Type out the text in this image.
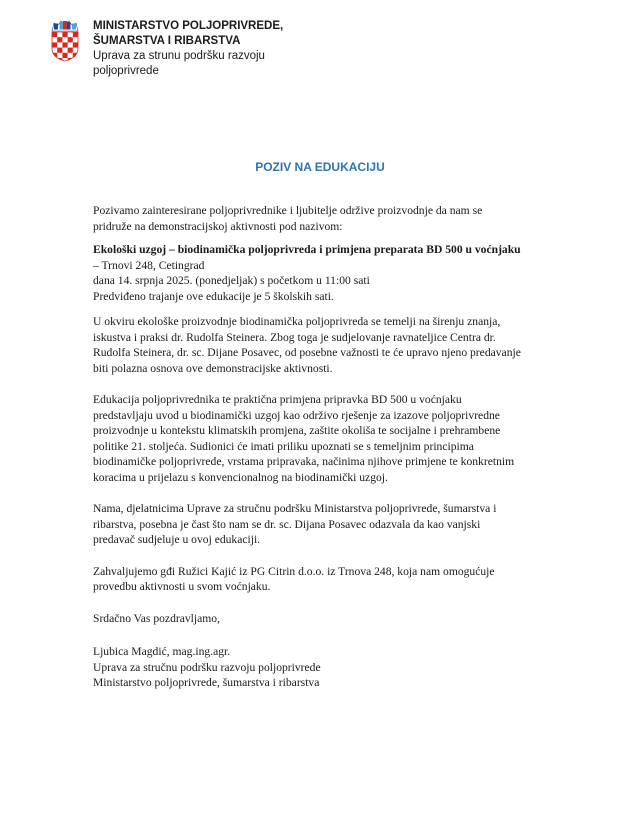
MINISTARSTVO POLJOPRIVREDE,
ŠUMARSTVA I RIBARSTVA
Uprava za strunu podršku razvoju
poljoprivrede
POZIV NA EDUKACIJU

Pozivamo zainteresirane poljoprivrednike i ljubitelje održive proizvodnje da nam se
pridruže na demonstracijskoj aktivnosti pod nazivom:

Ekološki uzgoj – biodinamička poljoprivreda i primjena preparata BD 500 u voćnjaku
– Trnovi 248, Cetingrad
dana 14. srpnja 2025. (ponedjeljak) s početkom u 11:00 sati
Predviđeno trajanje ove edukacije je 5 školskih sati.

U okviru ekološke proizvodnje biodinamička poljoprivreda se temelji na širenju znanja,
iskustva i praksi dr. Rudolfa Steinera. Zbog toga je sudjelovanje ravnateljice Centra dr.
Rudolfa Steinera, dr. sc. Dijane Posavec, od posebne važnosti te će upravo njeno predavanje
biti polazna osnova ove demonstracijske aktivnosti.

Edukacija poljoprivrednika te praktična primjena pripravka BD 500 u voćnjaku
predstavljaju uvod u biodinamički uzgoj kao održivo rješenje za izazove poljoprivredne
proizvodnje u kontekstu klimatskih promjena, zaštite okoliša te socijalne i prehrambene
politike 21. stoljeća. Sudionici će imati priliku upoznati se s temeljnim principima
biodinamičke poljoprivrede, vrstama pripravaka, načinima njihove primjene te konkretnim
koracima u prijelazu s konvencionalnog na biodinamički uzgoj.

Nama, djelatnicima Uprave za stručnu podršku Ministarstva poljoprivrede, šumarstva i
ribarstva, posebna je čast što nam se dr. sc. Dijana Posavec odazvala da kao vanjski
predavač sudjeluje u ovoj edukaciji.

Zahvaljujemo gđi Ružici Kajić iz PG Citrin d.o.o. iz Trnova 248, koja nam omogućuje
provedbu aktivnosti u svom voćnjaku.

Srdačno Vas pozdravljamo,

Ljubica Magdić, mag.ing.agr.
Uprava za stručnu podršku razvoju poljoprivrede
Ministarstvo poljoprivrede, šumarstva i ribarstva
